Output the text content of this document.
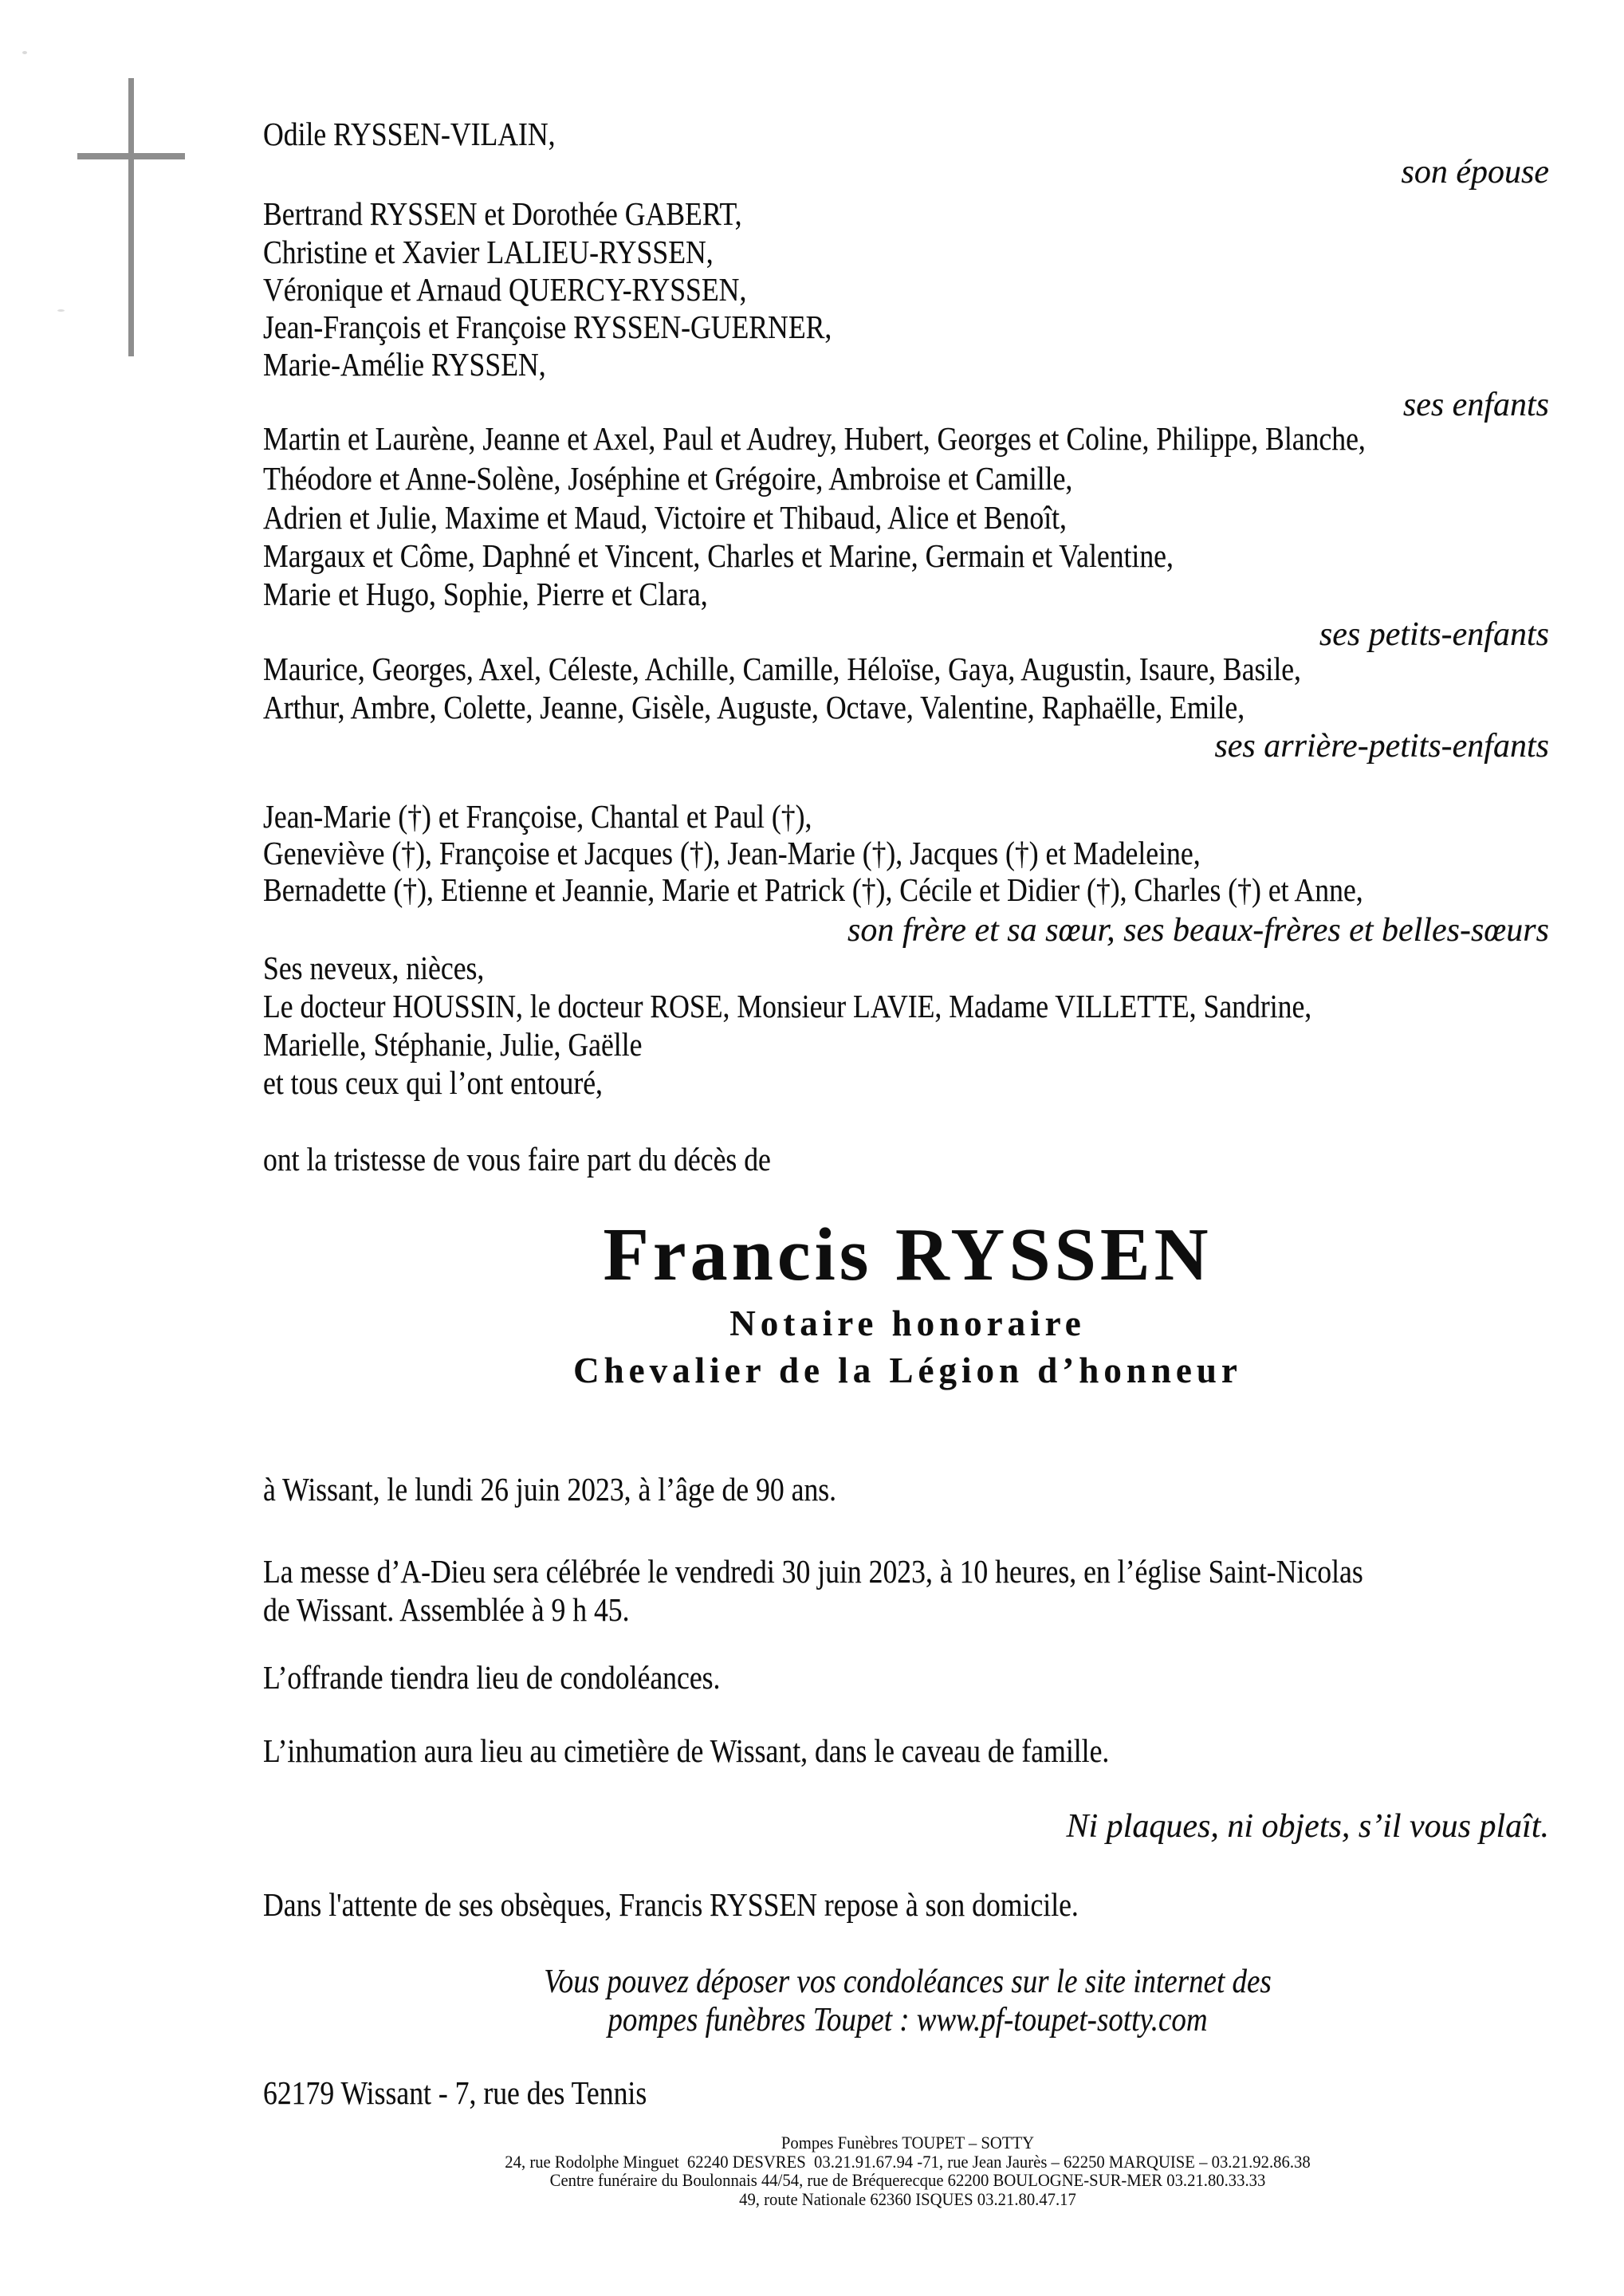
Odile RYSSEN-VILAIN,
son épouse
Bertrand RYSSEN et Dorothée GABERT,
Christine et Xavier LALIEU-RYSSEN,
Véronique et Arnaud QUERCY-RYSSEN,
Jean-François et Françoise RYSSEN-GUERNER,
Marie-Amélie RYSSEN,
ses enfants
Martin et Laurène, Jeanne et Axel, Paul et Audrey, Hubert, Georges et Coline, Philippe, Blanche,
Théodore et Anne-Solène, Joséphine et Grégoire, Ambroise et Camille,
Adrien et Julie, Maxime et Maud, Victoire et Thibaud, Alice et Benoît,
Margaux et Côme, Daphné et Vincent, Charles et Marine, Germain et Valentine,
Marie et Hugo, Sophie, Pierre et Clara,
ses petits-enfants
Maurice, Georges, Axel, Céleste, Achille, Camille, Héloïse, Gaya, Augustin, Isaure, Basile,
Arthur, Ambre, Colette, Jeanne, Gisèle, Auguste, Octave, Valentine, Raphaëlle, Emile,
ses arrière-petits-enfants
Jean-Marie (†) et Françoise, Chantal et Paul (†),
Geneviève (†), Françoise et Jacques (†), Jean-Marie (†), Jacques (†) et Madeleine,
Bernadette (†), Etienne et Jeannie, Marie et Patrick (†), Cécile et Didier (†), Charles (†) et Anne,
son frère et sa sœur, ses beaux-frères et belles-sœurs
Ses neveux, nièces,
Le docteur HOUSSIN, le docteur ROSE, Monsieur LAVIE, Madame VILLETTE, Sandrine,
Marielle, Stéphanie, Julie, Gaëlle
et tous ceux qui l’ont entouré,
ont la tristesse de vous faire part du décès de
Francis RYSSEN
Notaire honoraire
Chevalier de la Légion d’honneur
à Wissant, le lundi 26 juin 2023, à l’âge de 90 ans.
La messe d’A-Dieu sera célébrée le vendredi 30 juin 2023, à 10 heures, en l’église Saint-Nicolas
de Wissant. Assemblée à 9 h 45.
L’offrande tiendra lieu de condoléances.
L’inhumation aura lieu au cimetière de Wissant, dans le caveau de famille.
Ni plaques, ni objets, s’il vous plaît.
Dans l'attente de ses obsèques, Francis RYSSEN repose à son domicile.
Vous pouvez déposer vos condoléances sur le site internet des
pompes funèbres Toupet : www.pf-toupet-sotty.com
62179 Wissant - 7, rue des Tennis
Pompes Funèbres TOUPET – SOTTY
24, rue Rodolphe Minguet  62240 DESVRES  03.21.91.67.94 -71, rue Jean Jaurès – 62250 MARQUISE – 03.21.92.86.38
Centre funéraire du Boulonnais 44/54, rue de Bréquerecque 62200 BOULOGNE-SUR-MER 03.21.80.33.33
49, route Nationale 62360 ISQUES 03.21.80.47.17
